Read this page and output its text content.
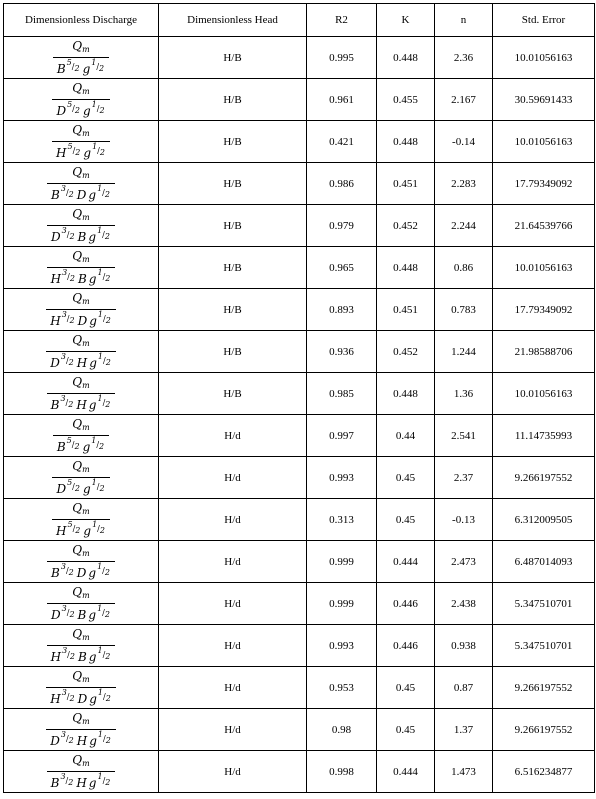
Dimensionless Discharge	Dimensionless Head	R2	K	n	Std. Error

$\frac{Q_m}{B5/2 g1/2}$	H/B	0.995	0.448	2.36	10.01056163

$\frac{Q_m}{D5/2 g1/2}$	H/B	0.961	0.455	2.167	30.59691433

$\frac{Q_m}{H5/2 g1/2}$	H/B	0.421	0.448	-0.14	10.01056163

$\frac{Q_m}{\text{B3/2 D g1/2}}$	H/B	0.986	0.451	2.283	17.79349092

$\frac{Q_m}{\text{D3/2 B g1/2}}$	H/B	0.979	0.452	2.244	21.64539766

$\frac{Q_m}{\text{H3/2 B g1/2}}$	H/B	0.965	0.448	0.86	10.01056163

$\frac{Q_m}{\text{H3/2 D g1/2}}$	H/B	0.893	0.451	0.783	17.79349092

$\frac{Q_m}{\text{D3/2 H g1/2}}$	H/B	0.936	0.452	1.244	21.98588706

$\frac{Q_m}{\text{B3/2 H g1/2}}$	H/B	0.985	0.448	1.36	10.01056163

$\frac{Q_m}{B5/2 g1/2}$	H/d	0.997	0.44	2.541	11.14735993

$\frac{Q_m}{D5/2 g1/2}$	H/d	0.993	0.45	2.37	9.266197552

$\frac{Q_m}{H5/2 g1/2}$	H/d	0.313	0.45	-0.13	6.312009505

$\frac{Q_m}{\text{B3/2 D g1/2}}$	H/d	0.999	0.444	2.473	6.487014093

$\frac{Q_m}{\text{D3/2 B g1/2}}$	H/d	0.999	0.446	2.438	5.347510701

$\frac{Q_m}{\text{H3/2 B g1/2}}$	H/d	0.993	0.446	0.938	5.347510701

$\frac{Q_m}{\text{H3/2 D g1/2}}$	H/d	0.953	0.45	0.87	9.266197552

$\frac{Q_m}{\text{D3/2 H g1/2}}$	H/d	0.98	0.45	1.37	9.266197552

$\frac{Q_m}{\text{B3/2 H g1/2}}$	H/d	0.998	0.444	1.473	6.516234877
